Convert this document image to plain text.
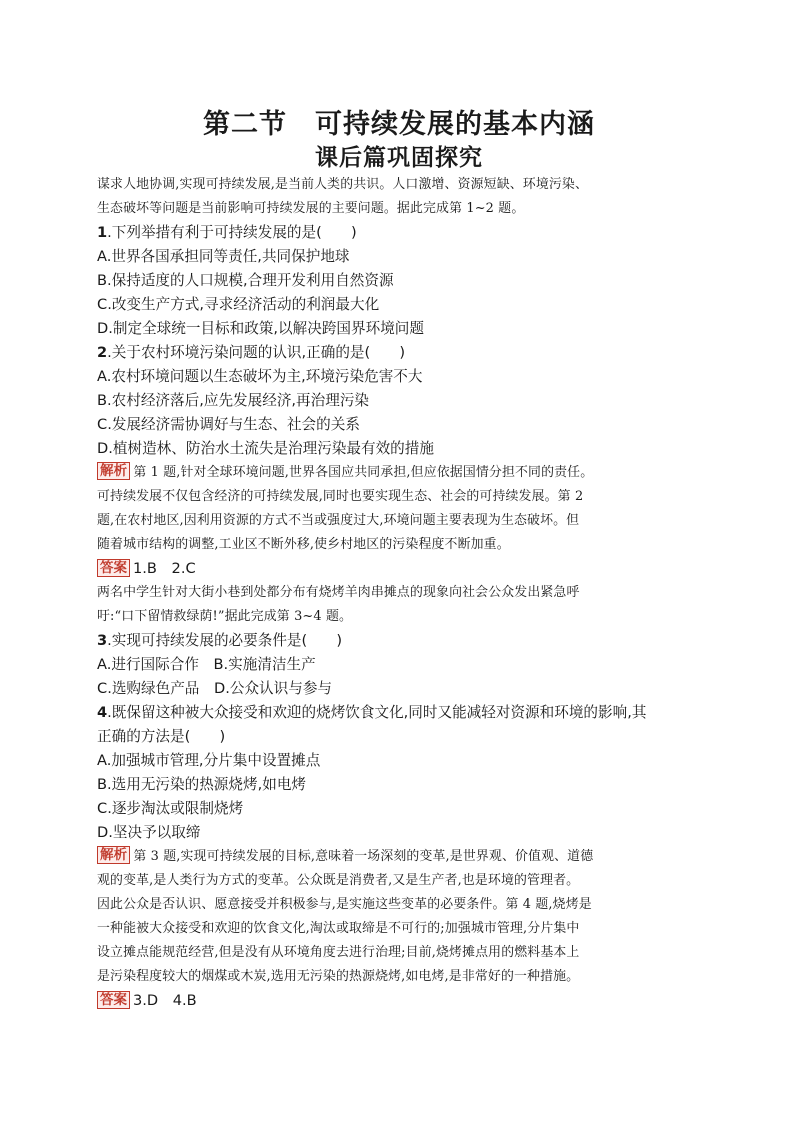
第二节　可持续发展的基本内涵
课后篇巩固探究
谋求人地协调,实现可持续发展,是当前人类的共识。人口激增、资源短缺、环境污染、
生态破坏等问题是当前影响可持续发展的主要问题。据此完成第 1~2 题。
1.下列举措有利于可持续发展的是(　　)
A.世界各国承担同等责任,共同保护地球
B.保持适度的人口规模,合理开发利用自然资源
C.改变生产方式,寻求经济活动的利润最大化
D.制定全球统一目标和政策,以解决跨国界环境问题
2.关于农村环境污染问题的认识,正确的是(　　)
A.农村环境问题以生态破坏为主,环境污染危害不大
B.农村经济落后,应先发展经济,再治理污染
C.发展经济需协调好与生态、社会的关系
D.植树造林、防治水土流失是治理污染最有效的措施
解析 第 1 题,针对全球环境问题,世界各国应共同承担,但应依据国情分担不同的责任。
可持续发展不仅包含经济的可持续发展,同时也要实现生态、社会的可持续发展。第 2
题,在农村地区,因利用资源的方式不当或强度过大,环境问题主要表现为生态破坏。但
随着城市结构的调整,工业区不断外移,使乡村地区的污染程度不断加重。
答案 1.B　2.C
两名中学生针对大街小巷到处都分布有烧烤羊肉串摊点的现象向社会公众发出紧急呼
吁:“口下留情救绿荫!”据此完成第 3~4 题。
3.实现可持续发展的必要条件是(　　)
A.进行国际合作　B.实施清洁生产
C.选购绿色产品　D.公众认识与参与
4.既保留这种被大众接受和欢迎的烧烤饮食文化,同时又能减轻对资源和环境的影响,其
正确的方法是(　　)
A.加强城市管理,分片集中设置摊点
B.选用无污染的热源烧烤,如电烤
C.逐步淘汰或限制烧烤
D.坚决予以取缔
解析 第 3 题,实现可持续发展的目标,意味着一场深刻的变革,是世界观、价值观、道德
观的变革,是人类行为方式的变革。公众既是消费者,又是生产者,也是环境的管理者。
因此公众是否认识、愿意接受并积极参与,是实施这些变革的必要条件。第 4 题,烧烤是
一种能被大众接受和欢迎的饮食文化,淘汰或取缔是不可行的;加强城市管理,分片集中
设立摊点能规范经营,但是没有从环境角度去进行治理;目前,烧烤摊点用的燃料基本上
是污染程度较大的烟煤或木炭,选用无污染的热源烧烤,如电烤,是非常好的一种措施。
答案 3.D　4.B
